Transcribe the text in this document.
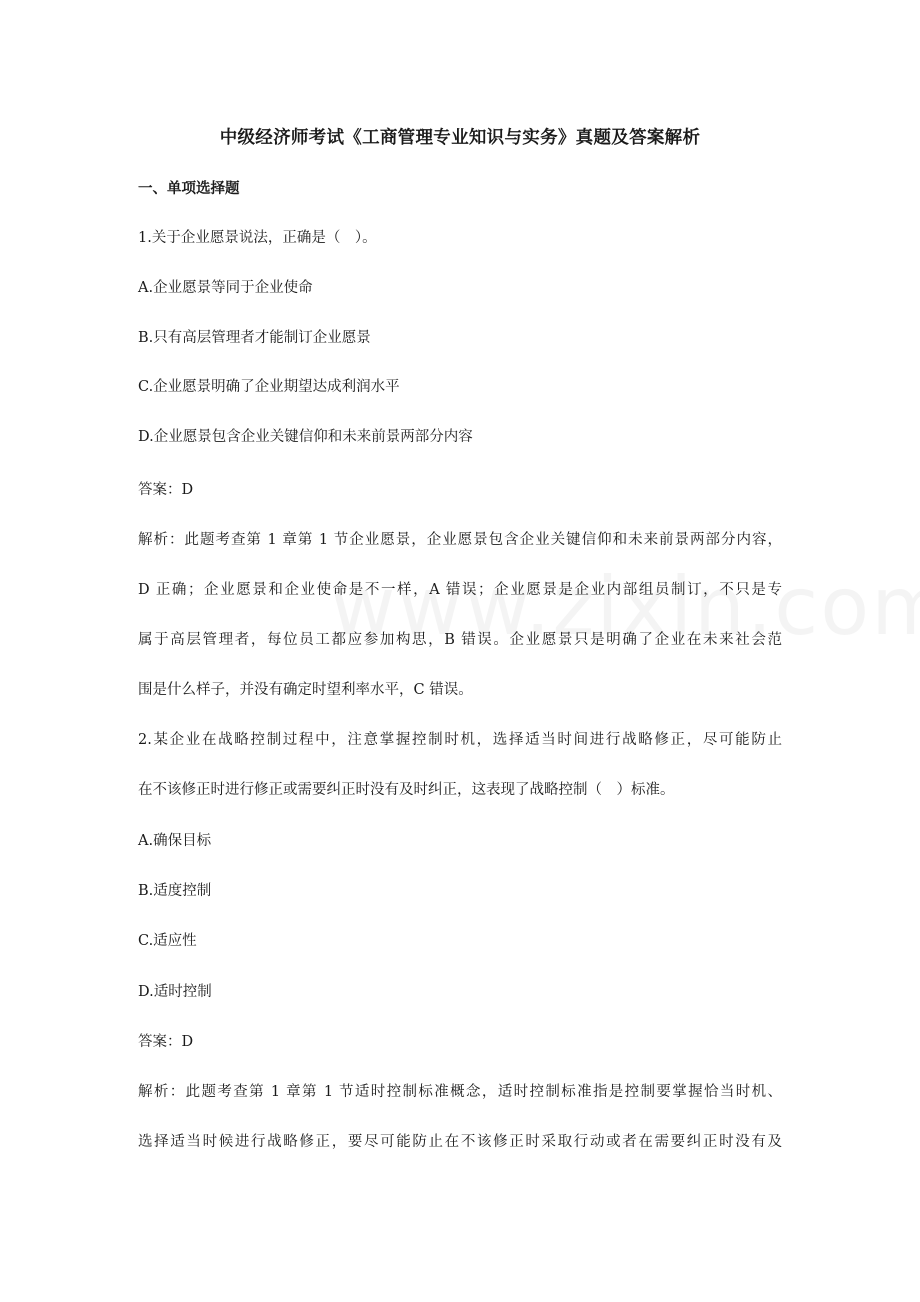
中级经济师考试《工商管理专业知识与实务》真题及答案解析
一、单项选择题

1.关于企业愿景说法，正确是（　）。

A.企业愿景等同于企业使命

B.只有高层管理者才能制订企业愿景

C.企业愿景明确了企业期望达成利润水平

D.企业愿景包含企业关键信仰和未来前景两部分内容

答案：D

解析：此题考查第 1 章第 1 节企业愿景，企业愿景包含企业关键信仰和未来前景两部分内容，

D 正确；企业愿景和企业使命是不一样，A 错误；企业愿景是企业内部组员制订，不只是专

属于高层管理者，每位员工都应参加构思，B 错误。企业愿景只是明确了企业在未来社会范

围是什么样子，并没有确定时望利率水平，C 错误。

2.某企业在战略控制过程中，注意掌握控制时机，选择适当时间进行战略修正，尽可能防止

在不该修正时进行修正或需要纠正时没有及时纠正，这表现了战略控制（　）标准。

A.确保目标

B.适度控制

C.适应性

D.适时控制

答案：D

解析：此题考查第 1 章第 1 节适时控制标准概念，适时控制标准指是控制要掌握恰当时机、

选择适当时候进行战略修正，要尽可能防止在不该修正时采取行动或者在需要纠正时没有及
